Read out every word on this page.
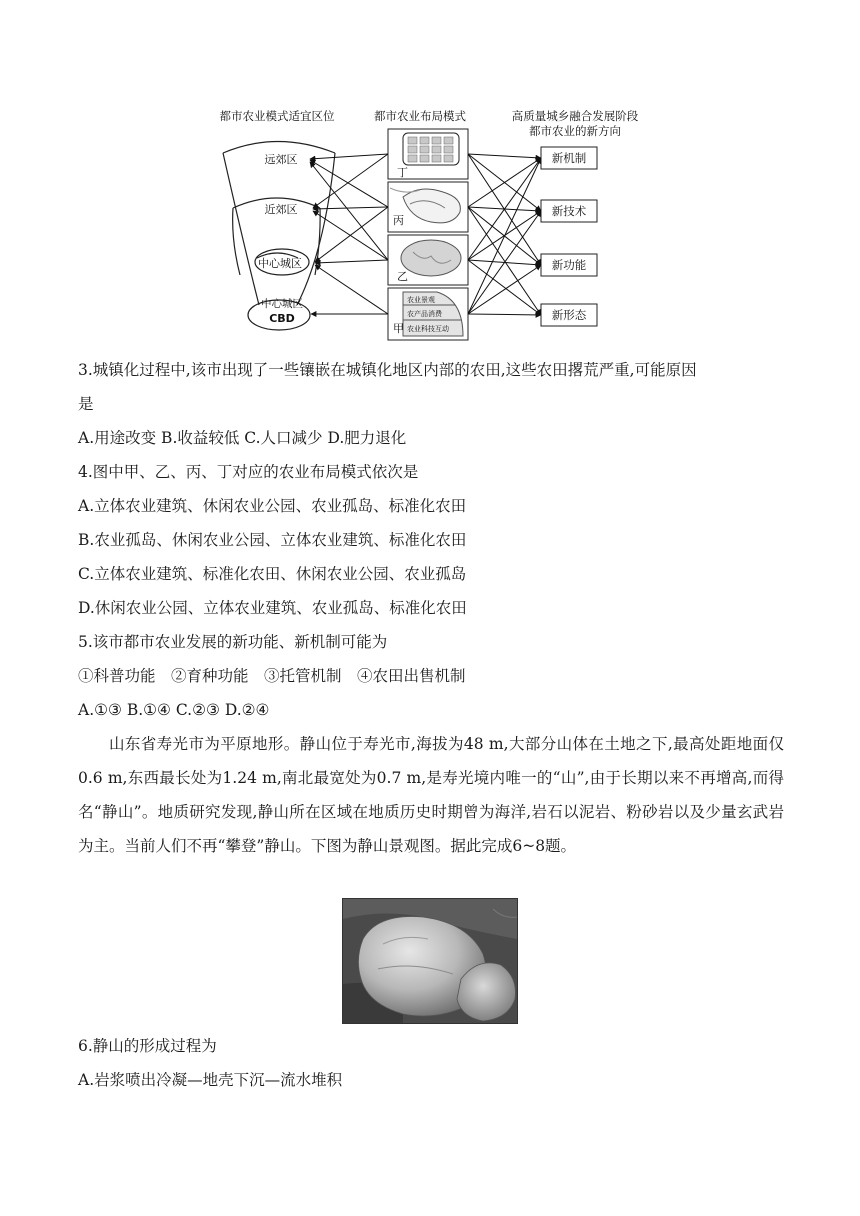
都市农业模式适宜区位	都市农业布局模式	高质量城乡融合发展阶段
都市农业的新方向
远郊区
近郊区
中心城区
中心城区
CBD
农业景观
农产品消费
农业科技互动
丁
丙
乙
甲
新机制
新技术
新功能
新形态
3.城镇化过程中,该市出现了一些镶嵌在城镇化地区内部的农田,这些农田撂荒严重,可能原因
是
A.用途改变 B.收益较低 C.人口减少 D.肥力退化
4.图中甲、乙、丙、丁对应的农业布局模式依次是
A.立体农业建筑、休闲农业公园、农业孤岛、标准化农田
B.农业孤岛、休闲农业公园、立体农业建筑、标准化农田
C.立体农业建筑、标准化农田、休闲农业公园、农业孤岛
D.休闲农业公园、立体农业建筑、农业孤岛、标准化农田
5.该市都市农业发展的新功能、新机制可能为
①科普功能　②育种功能　③托管机制　④农田出售机制
A.①③ B.①④ C.②③ D.②④
山东省寿光市为平原地形。静山位于寿光市,海拔为48 m,大部分山体在土地之下,最高处距地面仅0.6 m,东西最长处为1.24 m,南北最宽处为0.7 m,是寿光境内唯一的“山”,由于长期以来不再增高,而得名“静山”。地质研究发现,静山所在区域在地质历史时期曾为海洋,岩石以泥岩、粉砂岩以及少量玄武岩为主。当前人们不再“攀登”静山。下图为静山景观图。据此完成6~8题。
6.静山的形成过程为
A.岩浆喷出冷凝—地壳下沉—流水堆积
